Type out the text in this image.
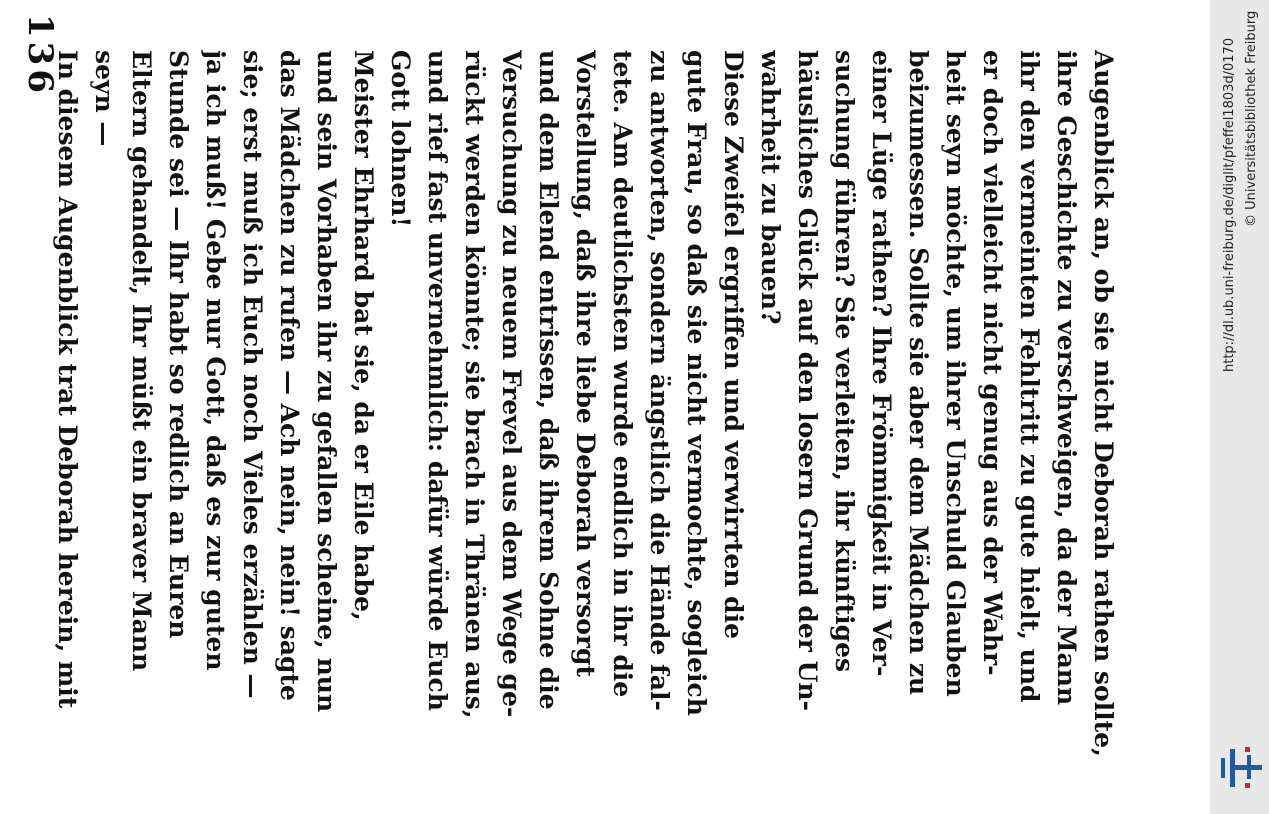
136	Augenblick an, ob sie nicht Deborah rathen sollte,
ihre Geschichte zu verschweigen, da der Mann
ihr den vermeinten Fehltritt zu gute hielt, und
er doch vielleicht nicht genug aus der Wahr-
heit seyn möchte, um ihrer Unschuld Glauben
beizumessen. Sollte sie aber dem Mädchen zu
einer Lüge rathen? Ihre Frömmigkeit in Ver-
suchung führen? Sie verleiten, ihr künftiges
häusliches Glück auf den losern Grund der Un-
wahrheit zu bauen?
Diese Zweifel ergriffen und verwirrten die
gute Frau, so daß sie nicht vermochte, sogleich
zu antworten, sondern ängstlich die Hände fal-
tete. Am deutlichsten wurde endlich in ihr die
Vorstellung, daß ihre liebe Deborah versorgt
und dem Elend entrissen, daß ihrem Sohne die
Versuchung zu neuem Frevel aus dem Wege ge-
rückt werden könnte; sie brach in Thränen aus,
und rief fast unvernehmlich: dafür würde Euch
Gott lohnen!
Meister Ehrhard bat sie, da er Eile habe,
und sein Vorhaben ihr zu gefallen scheine, nun
das Mädchen zu rufen — Ach nein, nein! sagte
sie; erst muß ich Euch noch Vieles erzählen —
ja ich muß! Gebe nur Gott, daß es zur guten
Stunde sei — Ihr habt so redlich an Euren
Eltern gehandelt, Ihr müßt ein braver Mann
seyn —
In diesem Augenblick trat Deborah herein, mit	http://dl.ub.uni-freiburg.de/diglit/pfeffel1803d/0170 © Universitätsbibliothek Freiburg
